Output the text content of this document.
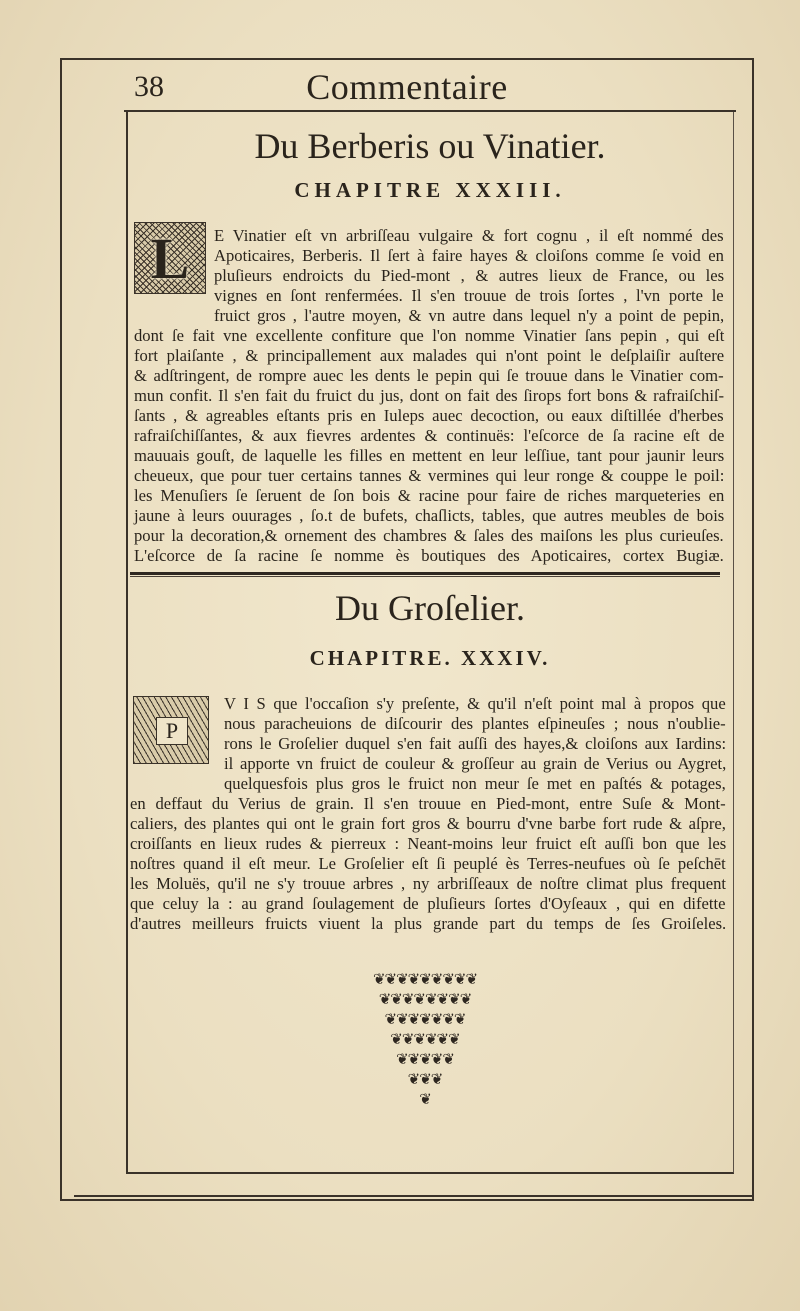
38	Commentaire
Du Berberis ou Vinatier.
CHAPITRE XXXIII.
L	E Vinatier eſt vn arbriſſeau vulgaire & fort cognu , il eſt nommé des

Apoticaires, Berberis. Il ſert à faire hayes & cloiſons comme ſe void en

pluſieurs endroicts du Pied-mont , & autres lieux de France, ou les

vignes en ſont renfermées. Il s'en trouue de trois ſortes , l'vn porte le

fruict gros , l'autre moyen, & vn autre dans lequel n'y a point de pepin,

dont ſe fait vne excellente confiture que l'on nomme Vinatier ſans pepin , qui eſt

fort plaiſante , & principallement aux malades qui n'ont point le deſplaiſir auſtere

& adſtringent, de rompre auec les dents le pepin qui ſe trouue dans le Vinatier com-

mun confit. Il s'en fait du fruict du jus, dont on fait des ſirops fort bons & rafraiſchiſ-

ſants , & agreables eſtants pris en Iuleps auec decoction, ou eaux diſtillée d'herbes

rafraiſchiſſantes, & aux fievres ardentes & continuës: l'eſcorce de ſa racine eſt de

mauuais gouſt, de laquelle les filles en mettent en leur leſſiue, tant pour jaunir leurs

cheueux, que pour tuer certains tannes & vermines qui leur ronge & couppe le poil:

les Menuſiers ſe ſeruent de ſon bois & racine pour faire de riches marqueteries en

jaune à leurs ouurages , ſo.t de bufets, chaſlicts, tables, que autres meubles de bois

pour la decoration,& ornement des chambres & ſales des maiſons les plus curieuſes.

L'eſcorce de ſa racine ſe nomme ès boutiques des Apoticaires, cortex Bugiæ.

Du Groſelier.
CHAPITRE. XXXIV.
P

V I S que l'occaſion s'y preſente, & qu'il n'eſt point mal à propos que

nous paracheuions de diſcourir des plantes eſpineuſes ; nous n'oublie-

rons le Groſelier duquel s'en fait auſſi des hayes,& cloiſons aux Iardins:

il apporte vn fruict de couleur & groſſeur au grain de Verius ou Aygret,

quelquesfois plus gros le fruict non meur ſe met en paſtés & potages,

en deffaut du Verius de grain. Il s'en trouue en Pied-mont, entre Suſe & Mont-

caliers, des plantes qui ont le grain fort gros & bourru d'vne barbe fort rude & aſpre,

croiſſants en lieux rudes & pierreux : Neant-moins leur fruict eſt auſſi bon que les

noſtres quand il eſt meur. Le Groſelier eſt ſi peuplé ès Terres-neufues où ſe peſchēt

les Moluës, qu'il ne s'y trouue arbres , ny arbriſſeaux de noſtre climat plus frequent

que celuy la : au grand ſoulagement de pluſieurs ſortes d'Oyſeaux , qui en difette

d'autres meilleurs fruicts viuent la plus grande part du temps de ſes Groiſeles.

❦❦❦❦❦❦❦❦❦
❦❦❦❦❦❦❦❦
❦❦❦❦❦❦❦
❦❦❦❦❦❦
❦❦❦❦❦
❦❦❦
❦
